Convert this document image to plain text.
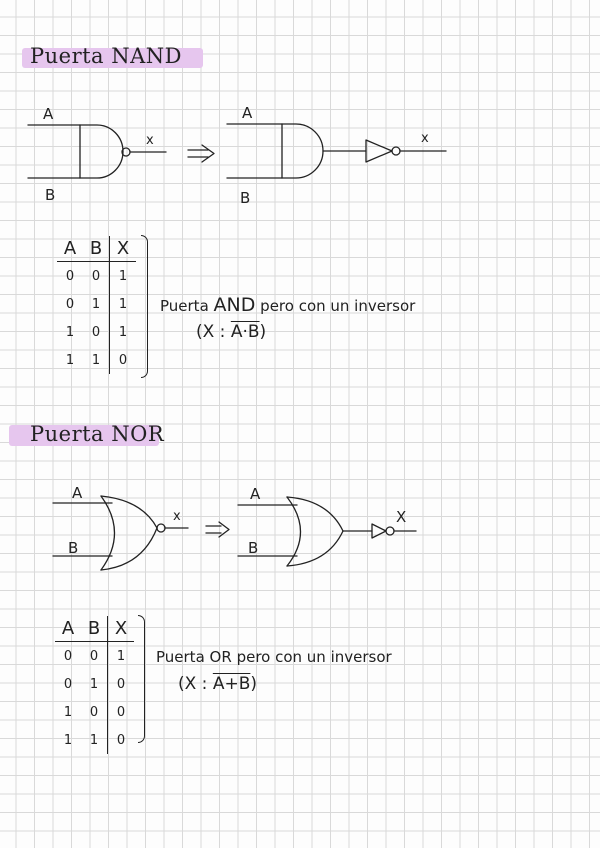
Puerta NAND
A
B
x
A
B
x
A	B	X
0	0	1
0	1	1
1	0	1
1	1	0
Puerta AND pero con un inversor
(X : A·B)
Puerta NOR
A
B
x
A
B
X
A	B	X
0	0	1
0	1	0
1	0	0
1	1	0
Puerta OR pero con un inversor
(X : A+B)
